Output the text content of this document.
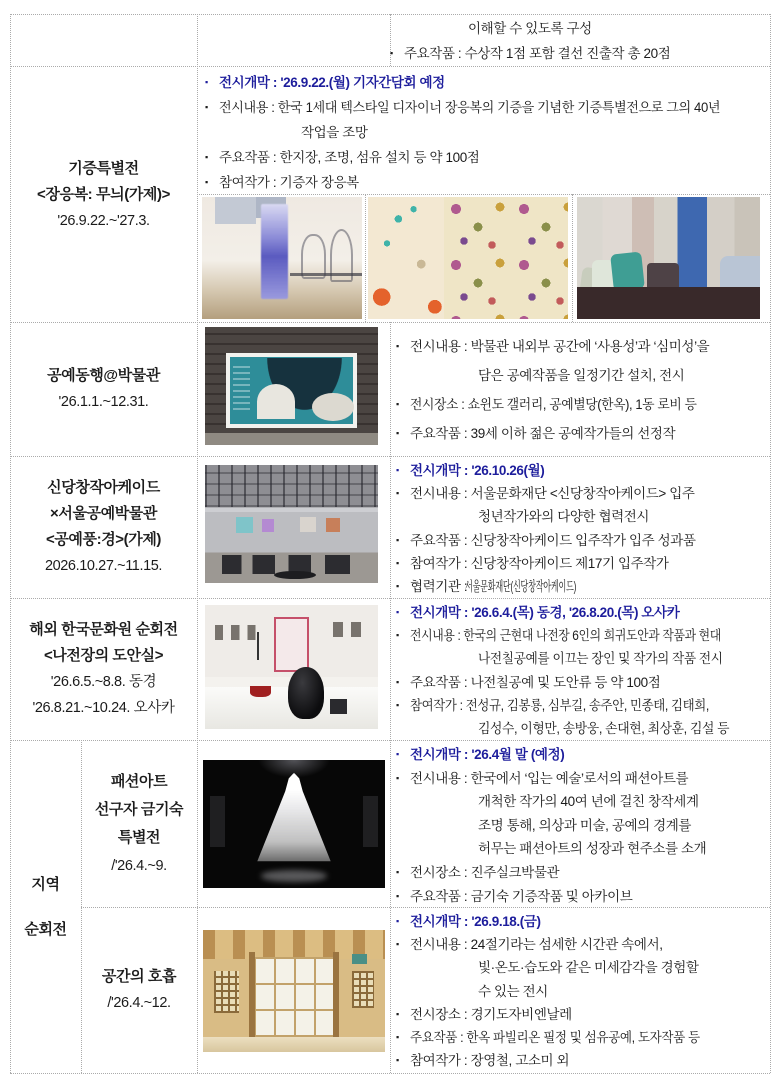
이해할 수 있도록 구성
▪ 주요작품 : 수상작 1점 포함 결선 진출작 총 20점
기증특별전
<장응복: 무늬(가제)>
'26.9.22.~'27.3.
▪ 전시개막 : '26.9.22.(월) 기자간담회 예정
▪ 전시내용 : 한국 1세대 텍스타일 디자이너 장응복의 기증을 기념한 기증특별전으로 그의 40년
작업을 조망
▪ 주요작품 : 한지장, 조명, 섬유 설치 등 약 100점
▪ 참여작가 : 기증자 장응복
공예동행@박물관
'26.1.1.~12.31.
▪ 전시내용 : 박물관 내외부 공간에 ‘사용성’과 ‘심미성’을
담은 공예작품을 일정기간 설치, 전시
▪ 전시장소 : 쇼윈도 갤러리, 공예별당(한옥), 1동 로비 등
▪ 주요작품 : 39세 이하 젊은 공예작가들의 선정작
신당창작아케이드
×서울공예박물관
<공예풍:경>(가제)
2026.10.27.~11.15.
▪ 전시개막 : '26.10.26(월)
▪ 전시내용 : 서울문화재단 <신당창작아케이드> 입주
청년작가와의 다양한 협력전시
▪ 주요작품 : 신당창작아케이드 입주작가 입주 성과품
▪ 참여작가 : 신당창작아케이드 제17기 입주작가
▪ 협력기관 :서울문화재단(신당창작아케이드)
해외 한국문화원 순회전
<나전장의 도안실>
'26.6.5.~8.8. 동경
'26.8.21.~10.24. 오사카
▪ 전시개막 : '26.6.4.(목) 동경, '26.8.20.(목) 오사카
▪ 전시내용 : 한국의 근현대 나전장 6인의 희귀도안과 작품과 현대
나전칠공예를 이끄는 장인 및 작가의 작품 전시
▪ 주요작품 : 나전칠공예 및 도안류 등 약 100점
▪ 참여작가 : 전성규, 김봉룡, 심부길, 송주안, 민종태, 김태희,
김성수, 이형만, 송방웅, 손대현, 최상훈, 김설 등
지역
순회전
패션아트
선구자 금기숙
특별전
/'26.4.~9.
▪ 전시개막 : '26.4월 말 (예정)
▪ 전시내용 : 한국에서 ‘입는 예술’로서의 패션아트를
개척한 작가의 40여 년에 걸친 창작세계
조명 통해, 의상과 미술, 공예의 경계를
허무는 패션아트의 성장과 현주소를 소개
▪ 전시장소 : 진주실크박물관
▪ 주요작품 : 금기숙 기증작품 및 아카이브
공간의 호흡
/'26.4.~12.
▪ 전시개막 : '26.9.18.(금)
▪ 전시내용 : 24절기라는 섬세한 시간관 속에서,
빛·온도·습도와 같은 미세감각을 경험할
수 있는 전시
▪ 전시장소 : 경기도자비엔날레
▪ 주요작품 : 한옥 파빌리온 필정 및 섬유공예, 도자작품 등
▪ 참여작가 : 장영철, 고소미 외
